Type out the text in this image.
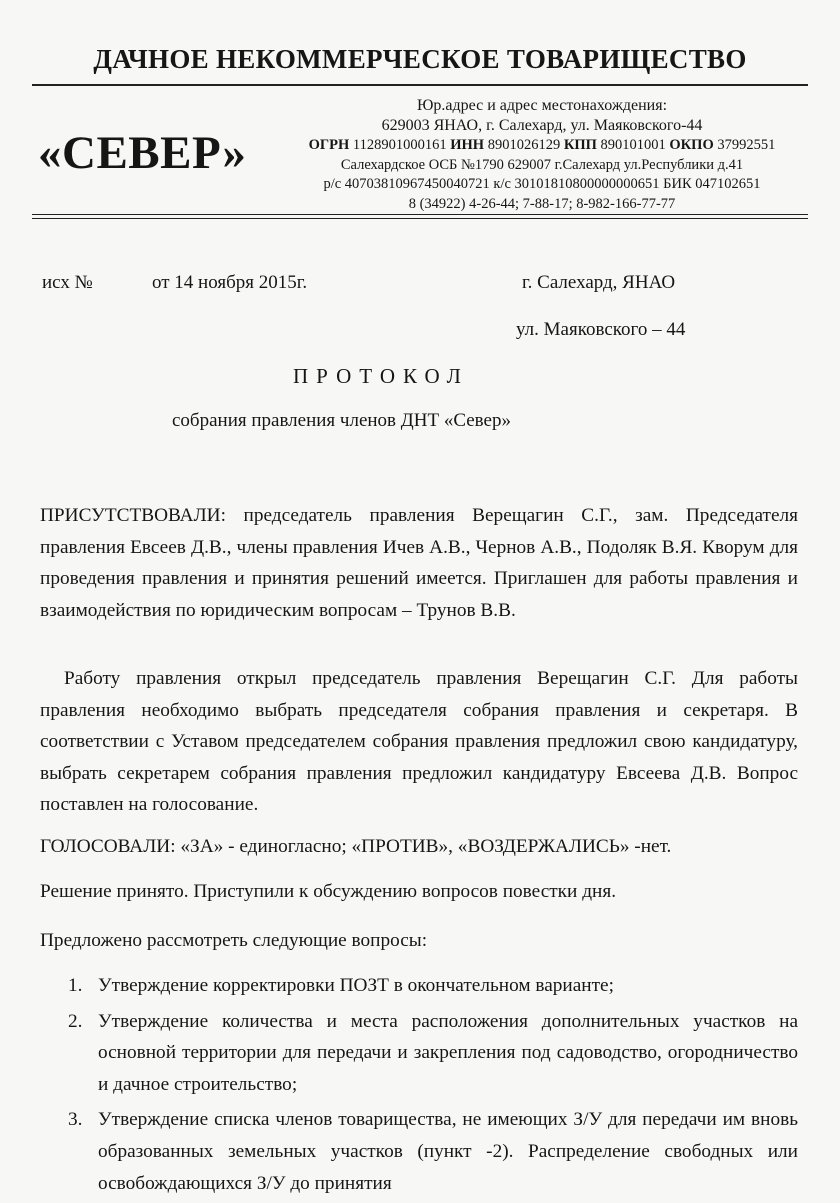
ДАЧНОЕ НЕКОММЕРЧЕСКОЕ ТОВАРИЩЕСТВО
«СЕВЕР»
Юр.адрес и адрес местонахождения:
629003 ЯНАО, г. Салехард, ул. Маяковского-44
ОГРН 1128901000161 ИНН 8901026129 КПП 890101001 ОКПО 37992551
Салехардское ОСБ №1790 629007 г.Салехард ул.Республики д.41
р/с 40703810967450040721 к/с 30101810800000000651 БИК 047102651
8 (34922) 4-26-44; 7-88-17; 8-982-166-77-77
исх №	от 14 ноября 2015г.	г. Салехард, ЯНАО
ул. Маяковского – 44
ПРОТОКОЛ
собрания правления членов ДНТ «Север»
ПРИСУТСТВОВАЛИ: председатель правления Верещагин С.Г., зам. Председателя правления Евсеев Д.В., члены правления Ичев А.В., Чернов А.В., Подоляк В.Я. Кворум для проведения правления и принятия решений имеется. Приглашен для работы правления и взаимодействия по юридическим вопросам – Трунов В.В.
Работу правления открыл председатель правления Верещагин С.Г. Для работы правления необходимо выбрать председателя собрания правления и секретаря. В соответствии с Уставом председателем собрания правления предложил свою кандидатуру, выбрать секретарем собрания правления предложил кандидатуру Евсеева Д.В. Вопрос поставлен на голосование.
ГОЛОСОВАЛИ: «ЗА» - единогласно; «ПРОТИВ», «ВОЗДЕРЖАЛИСЬ» -нет.
Решение принято. Приступили к обсуждению вопросов повестки дня.
Предложено рассмотреть следующие вопросы:
1. Утверждение корректировки ПОЗТ в окончательном варианте;
2. Утверждение количества и места расположения дополнительных участков на основной территории для передачи и закрепления под садоводство, огородничество и дачное строительство;
3. Утверждение списка членов товарищества, не имеющих З/У для передачи им вновь образованных земельных участков (пункт -2). Распределение свободных или освобождающихся З/У до принятия
